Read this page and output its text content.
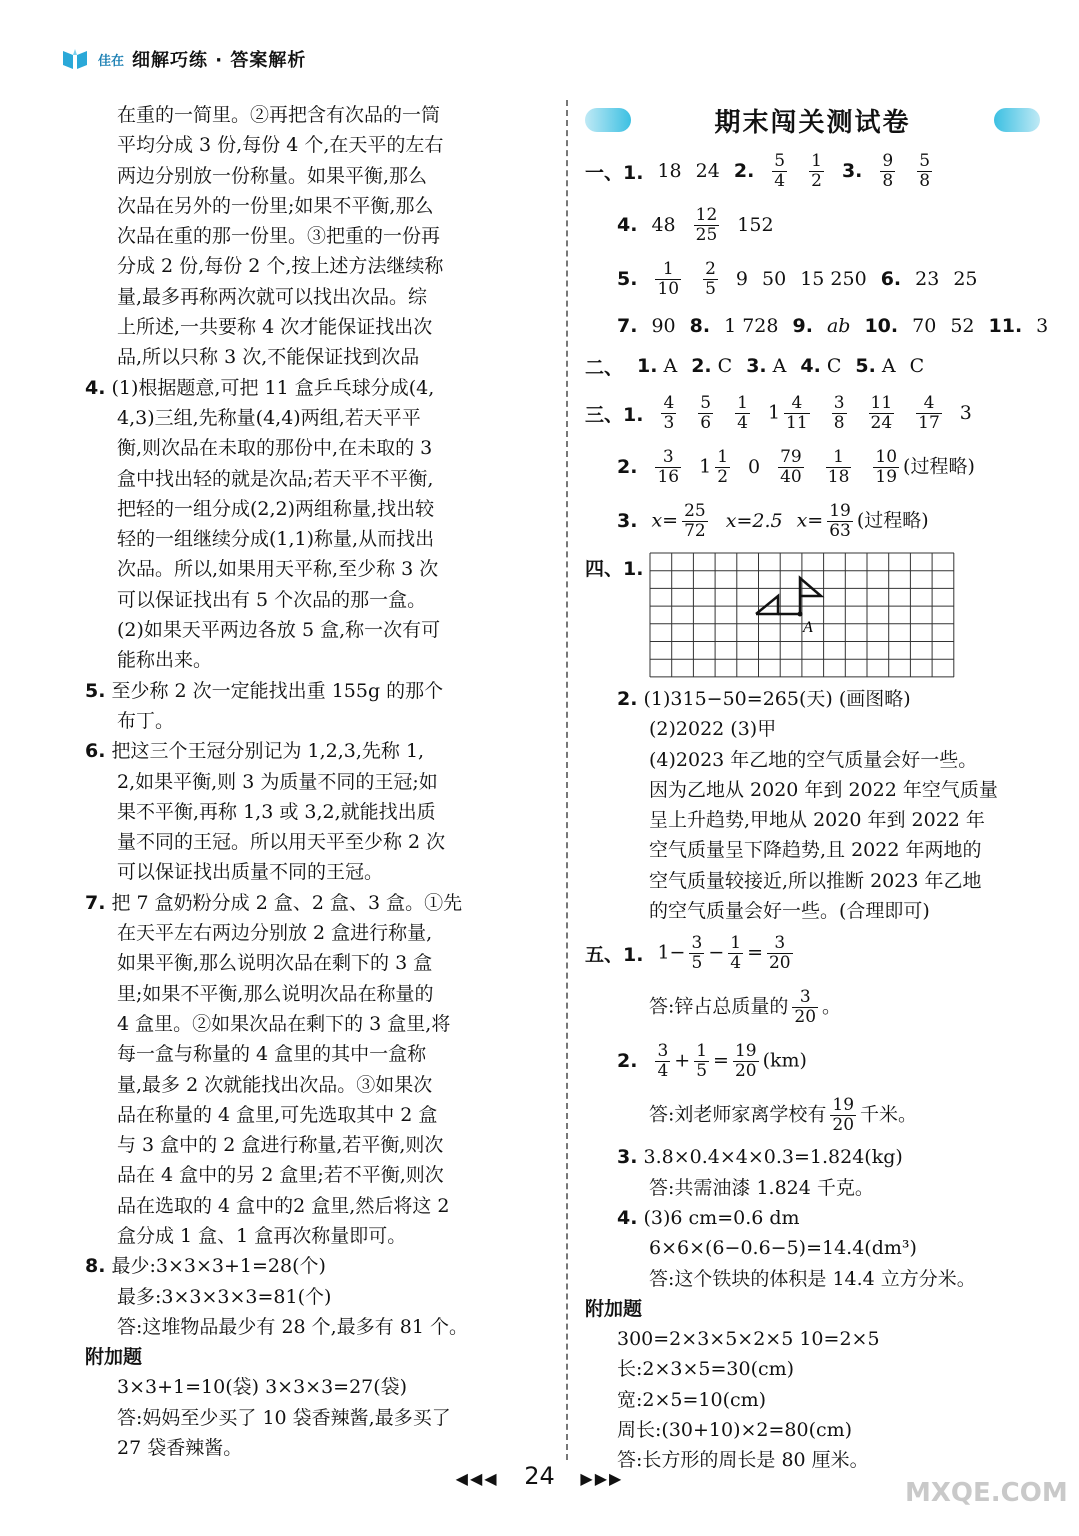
佳在 细解巧练 · 答案解析
在重的一简里。②再把含有次品的一筒
平均分成 3 份,每份 4 个,在天平的左右
两边分别放一份称量。如果平衡,那么
次品在另外的一份里;如果不平衡,那么
次品在重的那一份里。③把重的一份再
分成 2 份,每份 2 个,按上述方法继续称
量,最多再称两次就可以找出次品。综
上所述,一共要称 4 次才能保证找出次
品,所以只称 3 次,不能保证找到次品
4. (1)根据题意,可把 11 盒乒乓球分成(4,
4,3)三组,先称量(4,4)两组,若天平平
衡,则次品在未取的那份中,在未取的 3
盒中找出轻的就是次品;若天平不平衡,
把轻的一组分成(2,2)两组称量,找出较
轻的一组继续分成(1,1)称量,从而找出
次品。所以,如果用天平称,至少称 3 次
可以保证找出有 5 个次品的那一盒。
(2)如果天平两边各放 5 盒,称一次有可
能称出来。
5. 至少称 2 次一定能找出重 155g 的那个
布丁。
6. 把这三个王冠分别记为 1,2,3,先称 1,
2,如果平衡,则 3 为质量不同的王冠;如
果不平衡,再称 1,3 或 3,2,就能找出质
量不同的王冠。所以用天平至少称 2 次
可以保证找出质量不同的王冠。
7. 把 7 盒奶粉分成 2 盒、2 盒、3 盒。①先
在天平左右两边分别放 2 盒进行称量,
如果平衡,那么说明次品在剩下的 3 盒
里;如果不平衡,那么说明次品在称量的
4 盒里。②如果次品在剩下的 3 盒里,将
每一盒与称量的 4 盒里的其中一盒称
量,最多 2 次就能找出次品。③如果次
品在称量的 4 盒里,可先选取其中 2 盒
与 3 盒中的 2 盒进行称量,若平衡,则次
品在 4 盒中的另 2 盒里;若不平衡,则次
品在选取的 4 盒中的2 盒里,然后将这 2
盒分成 1 盒、1 盒再次称量即可。
8. 最少:3×3×3+1=28(个)
最多:3×3×3×3=81(个)
答:这堆物品最少有 28 个,最多有 81 个。
附加题
3×3+1=10(袋) 3×3×3=27(袋)
答:妈妈至少买了 10 袋香辣酱,最多买了
27 袋香辣酱。
期末闯关测试卷
一、1. 18 24 2. $\frac{5}{4} \frac{1}{2} 3$. $\frac{9}{8} \frac{5}{8}$
4. $48 \frac{12}{25} 152$
5. $\frac{1}{10} \frac{2}{5} 9$ 50 15 250 6. 23 25
7. 90 8. 1 728 9. ab 10. 70 52 11. 3
二、 1. A 2. C 3. A 4. C 5. A C
三、1. $\frac{4}{3} \frac{5}{6} \frac{1}{4} 1 \frac{4}{11} \frac{3}{8} \frac{11}{24} \frac{4}{17} 3$
2. $\frac{3}{16} 1 \frac{1}{2} 0 \frac{79}{40} \frac{1}{18} \frac{10}{19}$ (过程略)
3. $x= \frac{25}{72} x=2.5$ $x= \frac{19}{63}$ (过程略)
四、1.
A
2. (1)315−50=265(天) (画图略)
(2)2022 (3)甲
(4)2023 年乙地的空气质量会好一些。
因为乙地从 2020 年到 2022 年空气质量
呈上升趋势,甲地从 2020 年到 2022 年
空气质量呈下降趋势,且 2022 年两地的
空气质量较接近,所以推断 2023 年乙地
的空气质量会好一些。(合理即可)
五、1. $1- \frac{3}{5} - \frac{1}{4} = \frac{3}{20}$
答:锌占总质量的 $\frac{3}{20}$ 。
2. $\frac{3}{4} + \frac{1}{5} = \frac{19}{20} (km)$
答:刘老师家离学校有 $\frac{19}{20}$ 千米。
3. 3.8×0.4×4×0.3=1.824(kg)
答:共需油漆 1.824 千克。
4. (3)6 cm=0.6 dm
6×6×(6−0.6−5)=14.4(dm³)
答:这个铁块的体积是 14.4 立方分米。
附加题
300=2×3×5×2×5 10=2×5
长:2×3×5=30(cm)
宽:2×5=10(cm)
周长:(30+10)×2=80(cm)
答:长方形的周长是 80 厘米。
◀◀◀ 24 ▶▶▶	MXQE.COM
